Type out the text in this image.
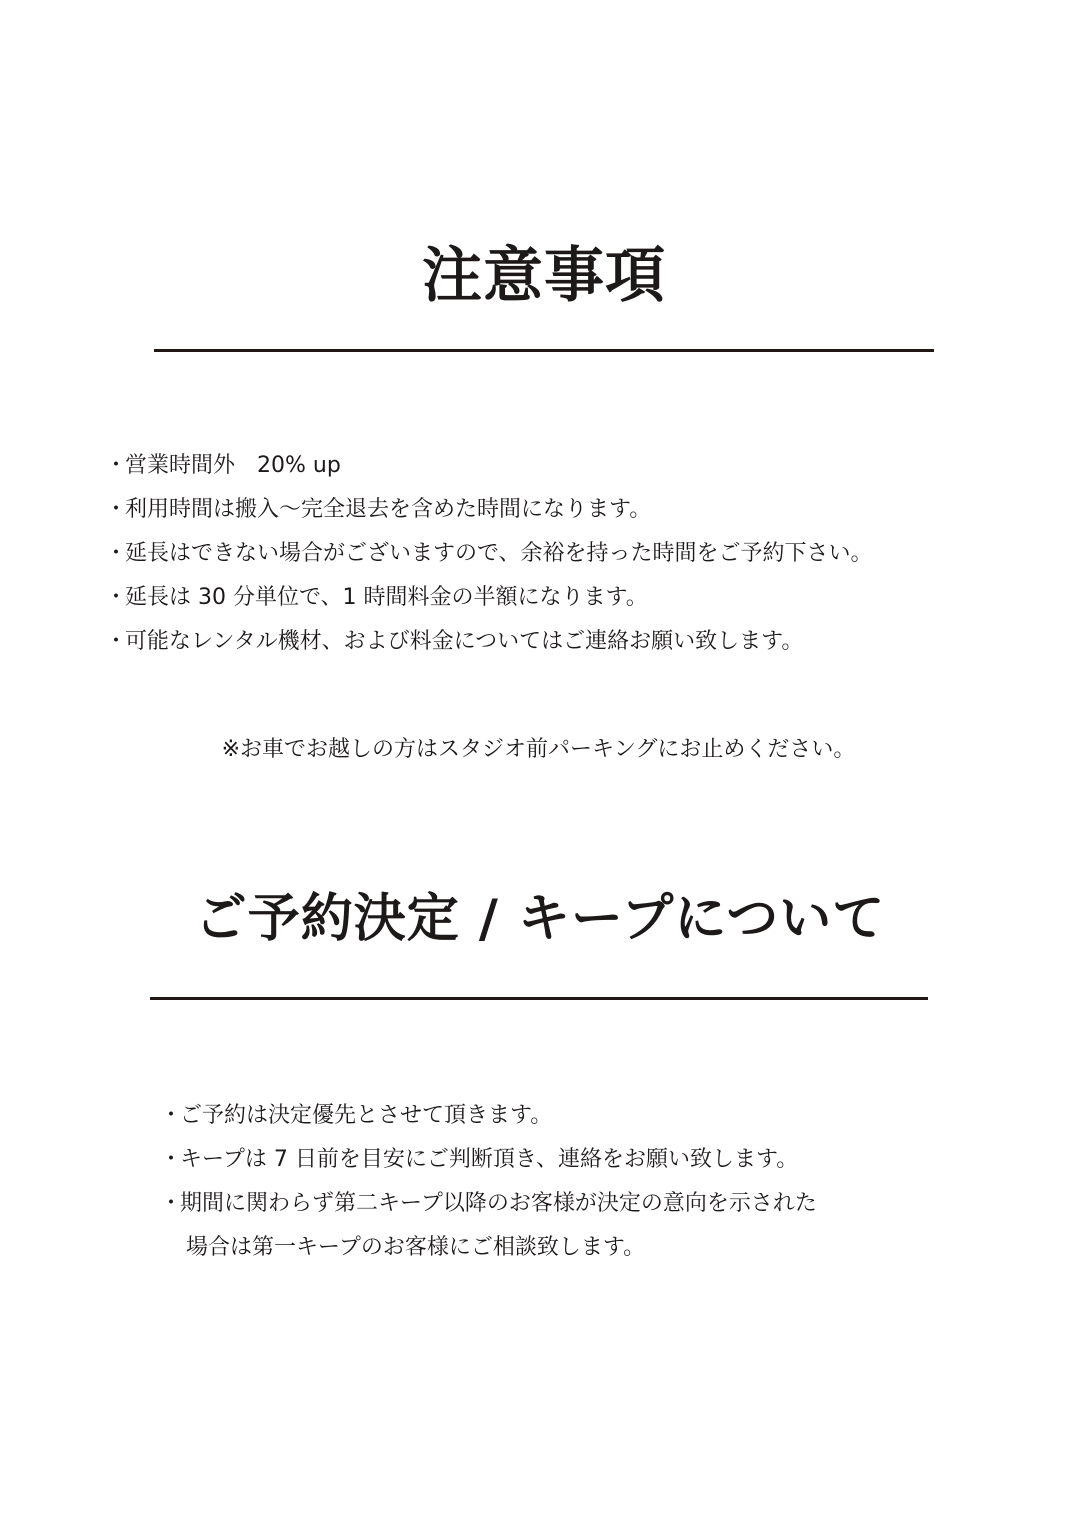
注意事項
・
営業時間外　20% up
・
利用時間は搬入〜完全退去を含めた時間になります。
・
延長はできない場合がございますので、余裕を持った時間をご予約下さい。
・
延長は 30 分単位で、1 時間料金の半額になります。
・
可能なレンタル機材、および料金についてはご連絡お願い致します。

※お車でお越しの方はスタジオ前パーキングにお止めください。

ご予約決定 / キープについて
・
ご予約は決定優先とさせて頂きます。
・
キープは 7 日前を目安にご判断頂き、連絡をお願い致します。
・
期間に関わらず第二キープ以降のお客様が決定の意向を示された
場合は第一キープのお客様にご相談致します。
